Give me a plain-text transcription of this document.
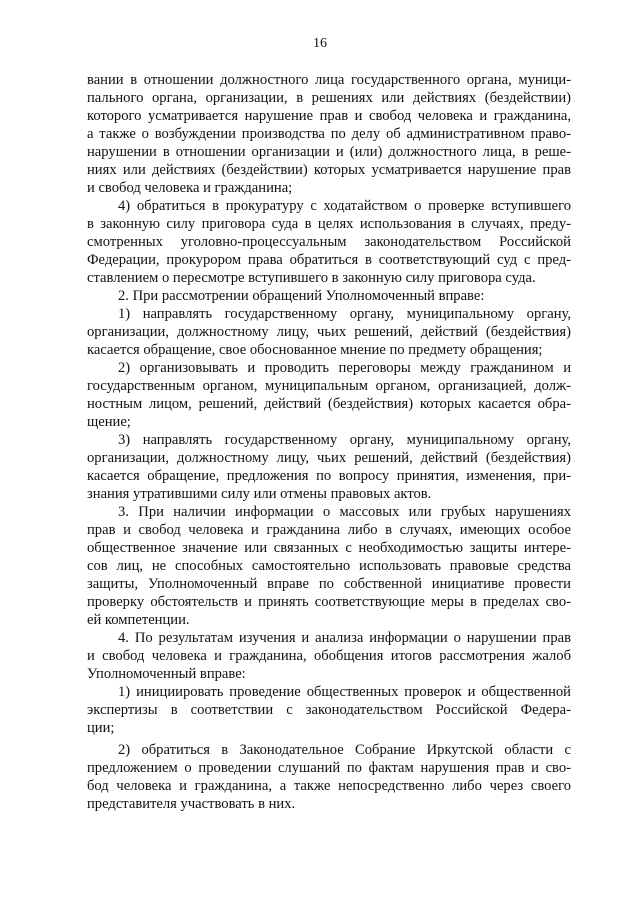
16
вании в отношении должностного лица государственного органа, муници-
пального органа, организации, в решениях или действиях (бездействии)
которого усматривается нарушение прав и свобод человека и гражданина,
а также о возбуждении производства по делу об административном право-
нарушении в отношении организации и (или) должностного лица, в реше-
ниях или действиях (бездействии) которых усматривается нарушение прав
и свобод человека и гражданина;
4) обратиться в прокуратуру с ходатайством о проверке вступившего
в законную силу приговора суда в целях использования в случаях, преду-
смотренных уголовно-процессуальным законодательством Российской
Федерации, прокурором права обратиться в соответствующий суд с пред-
ставлением о пересмотре вступившего в законную силу приговора суда.
2. При рассмотрении обращений Уполномоченный вправе:
1) направлять государственному органу, муниципальному органу,
организации, должностному лицу, чьих решений, действий (бездействия)
касается обращение, свое обоснованное мнение по предмету обращения;
2) организовывать и проводить переговоры между гражданином и
государственным органом, муниципальным органом, организацией, долж-
ностным лицом, решений, действий (бездействия) которых касается обра-
щение;
3) направлять государственному органу, муниципальному органу,
организации, должностному лицу, чьих решений, действий (бездействия)
касается обращение, предложения по вопросу принятия, изменения, при-
знания утратившими силу или отмены правовых актов.
3. При наличии информации о массовых или грубых нарушениях
прав и свобод человека и гражданина либо в случаях, имеющих особое
общественное значение или связанных с необходимостью защиты интере-
сов лиц, не способных самостоятельно использовать правовые средства
защиты, Уполномоченный вправе по собственной инициативе провести
проверку обстоятельств и принять соответствующие меры в пределах сво-
ей компетенции.
4. По результатам изучения и анализа информации о нарушении прав
и свобод человека и гражданина, обобщения итогов рассмотрения жалоб
Уполномоченный вправе:
1) инициировать проведение общественных проверок и общественной
экспертизы в соответствии с законодательством Российской Федера-
ции;
2) обратиться в Законодательное Собрание Иркутской области с
предложением о проведении слушаний по фактам нарушения прав и сво-
бод человека и гражданина, а также непосредственно либо через своего
представителя участвовать в них.
